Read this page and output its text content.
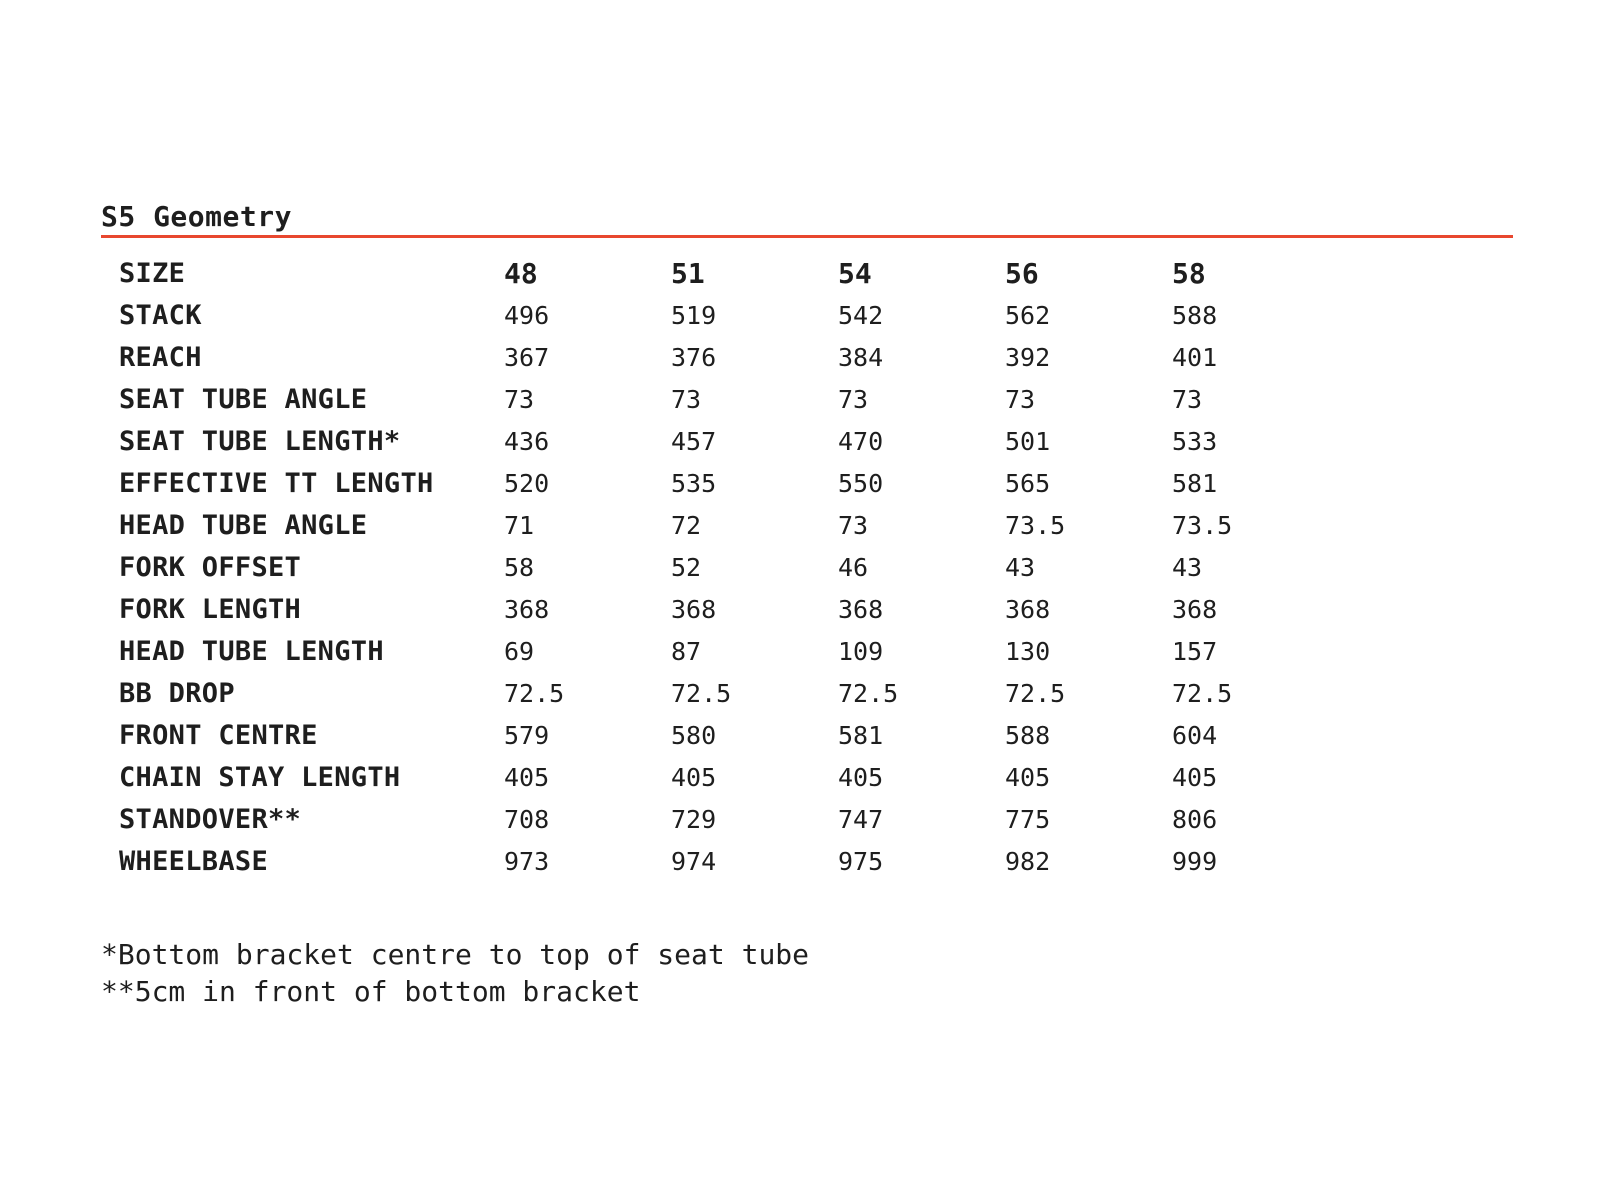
S5 Geometry
SIZE	48	51	54	56	58
STACK	496	519	542	562	588
REACH	367	376	384	392	401
SEAT TUBE ANGLE	73	73	73	73	73
SEAT TUBE LENGTH*	436	457	470	501	533
EFFECTIVE TT LENGTH	520	535	550	565	581
HEAD TUBE ANGLE	71	72	73	73.5	73.5
FORK OFFSET	58	52	46	43	43
FORK LENGTH	368	368	368	368	368
HEAD TUBE LENGTH	69	87	109	130	157
BB DROP	72.5	72.5	72.5	72.5	72.5
FRONT CENTRE	579	580	581	588	604
CHAIN STAY LENGTH	405	405	405	405	405
STANDOVER**	708	729	747	775	806
WHEELBASE	973	974	975	982	999
*Bottom bracket centre to top of seat tube
**5cm in front of bottom bracket
